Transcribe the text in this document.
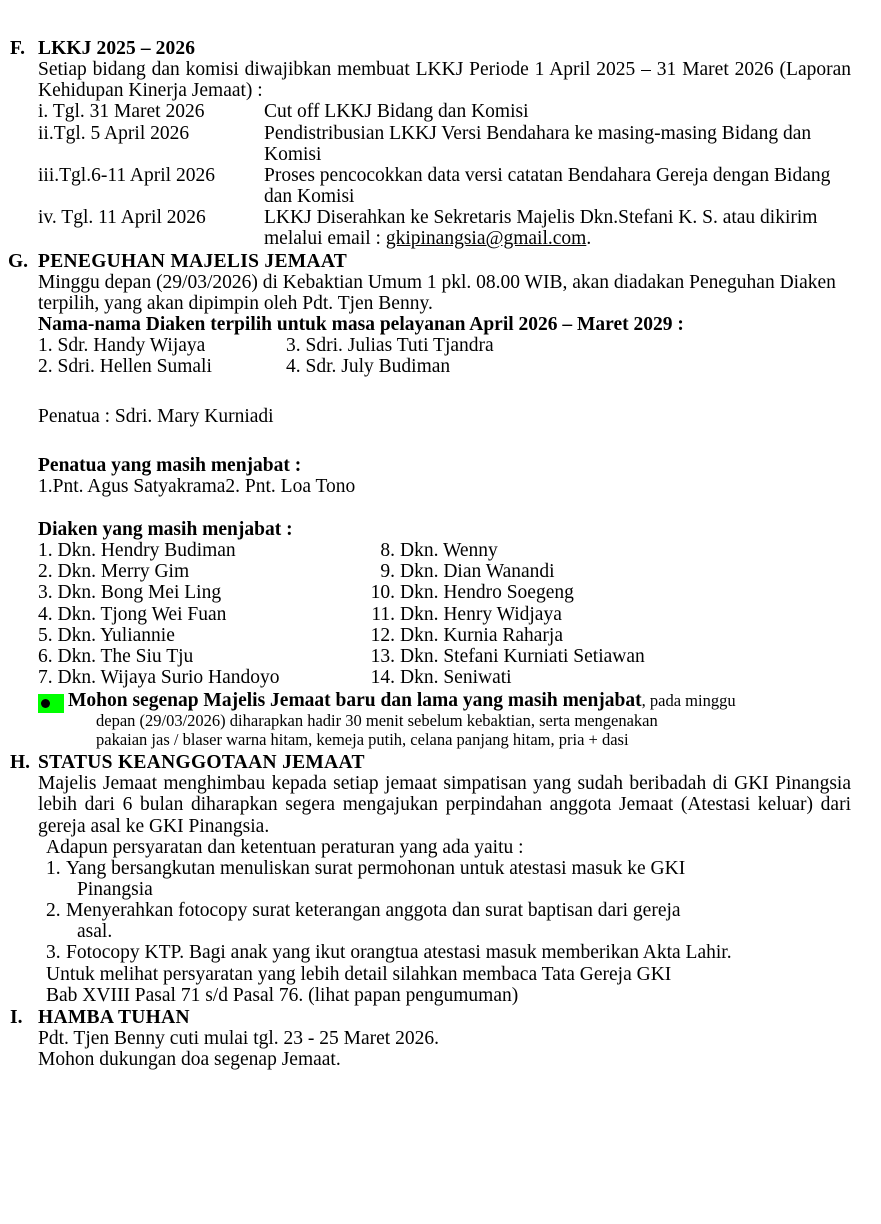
F. LKKJ 2025 – 2026
Setiap bidang dan komisi diwajibkan membuat LKKJ Periode 1 April 2025 – 31 Maret 2026 (Laporan Kehidupan Kinerja Jemaat) :
i. Tgl. 31 Maret 2026	Cut off LKKJ Bidang dan Komisi
ii.Tgl. 5 April 2026	Pendistribusian LKKJ Versi Bendahara ke masing-masing Bidang dan Komisi
iii.Tgl.6-11 April 2026	Proses pencocokkan data versi catatan Bendahara Gereja dengan Bidang dan Komisi
iv. Tgl. 11 April 2026	LKKJ Diserahkan ke Sekretaris Majelis Dkn.Stefani K. S. atau dikirim melalui email : gkipinangsia@gmail.com.
G. PENEGUHAN MAJELIS JEMAAT
Minggu depan (29/03/2026) di Kebaktian Umum 1 pkl. 08.00 WIB, akan diadakan Peneguhan Diaken terpilih, yang akan dipimpin oleh Pdt. Tjen Benny.
Nama-nama Diaken terpilih untuk masa pelayanan April 2026 – Maret 2029 :
1. Sdr. Handy Wijaya	3. Sdri. Julias Tuti Tjandra
2. Sdri. Hellen Sumali	4. Sdr. July Budiman
Penatua : Sdri. Mary Kurniadi
Penatua yang masih menjabat :
1.Pnt. Agus Satyakrama	2. Pnt. Loa Tono
Diaken yang masih menjabat :
1. Dkn. Hendry Budiman	8.	Dkn. Wenny
2. Dkn. Merry Gim	9.	Dkn. Dian Wanandi
3. Dkn. Bong Mei Ling	10.	Dkn. Hendro Soegeng
4. Dkn. Tjong Wei Fuan	11.	Dkn. Henry Widjaya
5. Dkn. Yuliannie	12.	Dkn. Kurnia Raharja
6. Dkn. The Siu Tju	13.	Dkn. Stefani Kurniati Setiawan
7. Dkn. Wijaya Surio Handoyo	14.	Dkn. Seniwati
Mohon segenap Majelis Jemaat baru dan lama yang masih menjabat, pada minggu
depan (29/03/2026) diharapkan hadir 30 menit sebelum kebaktian, serta mengenakan
pakaian jas / blaser warna hitam, kemeja putih, celana panjang hitam, pria + dasi
H. STATUS KEANGGOTAAN JEMAAT
Majelis Jemaat menghimbau kepada setiap jemaat simpatisan yang sudah beribadah di GKI Pinangsia lebih dari 6 bulan diharapkan segera mengajukan perpindahan anggota Jemaat (Atestasi keluar) dari gereja asal ke GKI Pinangsia.
Adapun persyaratan dan ketentuan peraturan yang ada yaitu :
1. Yang bersangkutan menuliskan surat permohonan untuk atestasi masuk ke GKI
Pinangsia
2. Menyerahkan fotocopy surat keterangan anggota dan surat baptisan dari gereja
asal.
3. Fotocopy KTP. Bagi anak yang ikut orangtua atestasi masuk memberikan Akta Lahir.
Untuk melihat persyaratan yang lebih detail silahkan membaca Tata Gereja GKI
Bab XVIII Pasal 71 s/d Pasal 76. (lihat papan pengumuman)
I. HAMBA TUHAN
Pdt. Tjen Benny cuti mulai tgl. 23 - 25 Maret 2026.
Mohon dukungan doa segenap Jemaat.
